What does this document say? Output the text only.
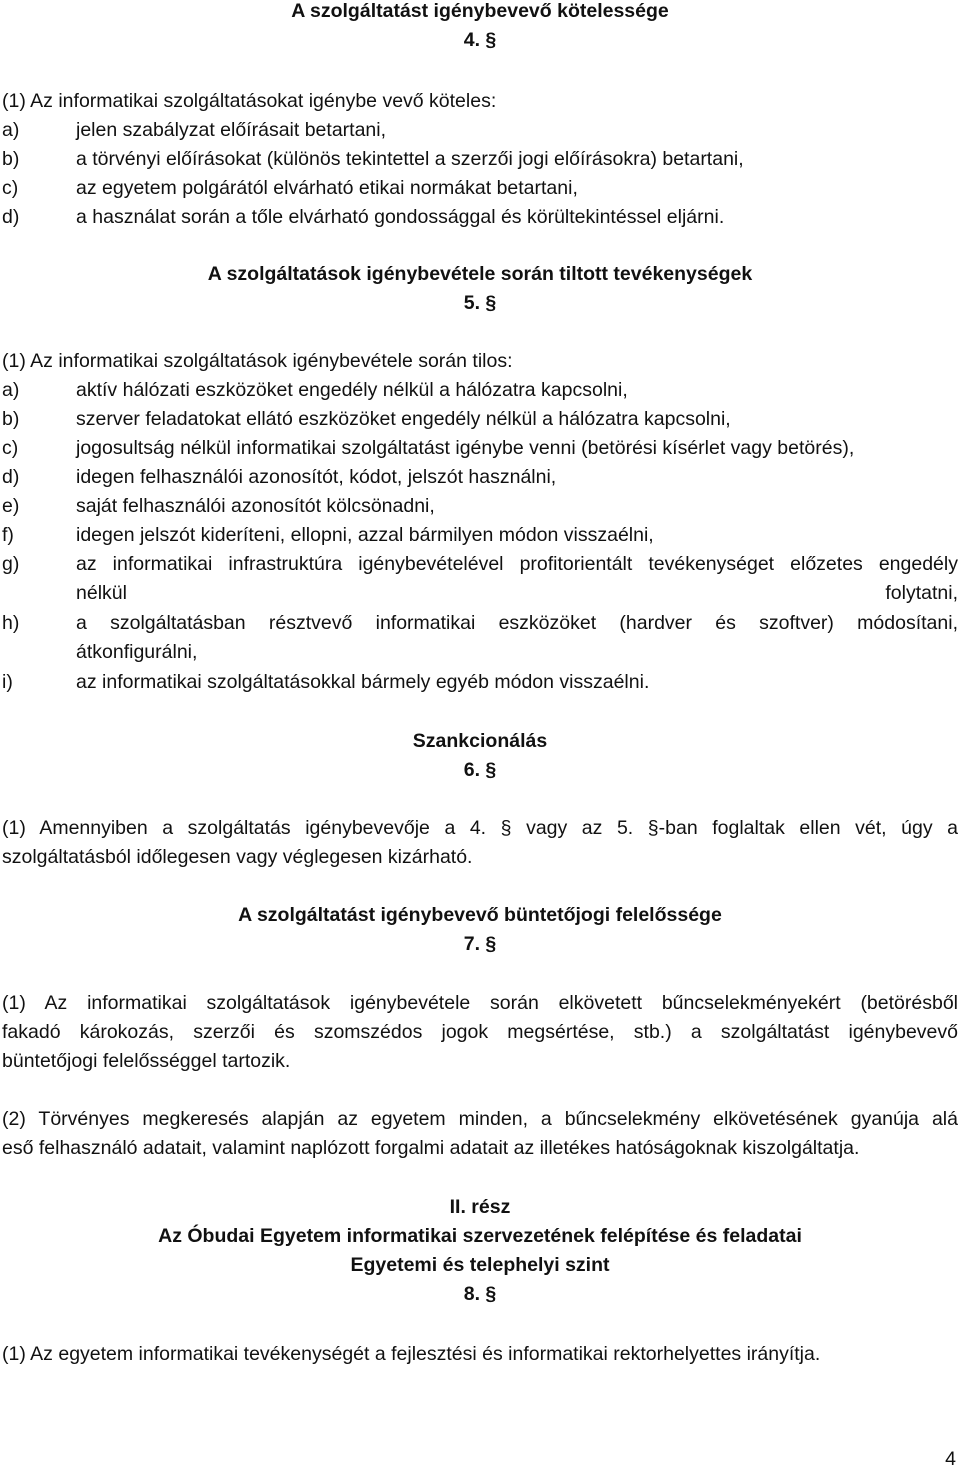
A szolgáltatást igénybevevő kötelessége
4. §
(1) Az informatikai szolgáltatásokat igénybe vevő köteles:
a)	jelen szabályzat előírásait betartani,
b)	a törvényi előírásokat (különös tekintettel a szerzői jogi előírásokra) betartani,
c)	az egyetem polgárától elvárható etikai normákat betartani,
d)	a használat során a tőle elvárható gondossággal és körültekintéssel eljárni.
A szolgáltatások igénybevétele során tiltott tevékenységek
5. §
(1) Az informatikai szolgáltatások igénybevétele során tilos:
a)	aktív hálózati eszközöket engedély nélkül a hálózatra kapcsolni,
b)	szerver feladatokat ellátó eszközöket engedély nélkül a hálózatra kapcsolni,
c)	jogosultság nélkül informatikai szolgáltatást igénybe venni (betörési kísérlet vagy betörés),
d)	idegen felhasználói azonosítót, kódot, jelszót használni,
e)	saját felhasználói azonosítót kölcsönadni,
f)	idegen jelszót kideríteni, ellopni, azzal bármilyen módon visszaélni,
g)	az informatikai infrastruktúra igénybevételével profitorientált tevékenységet előzetes engedély
nélkül folytatni,
h)	a szolgáltatásban résztvevő informatikai eszközöket (hardver és szoftver) módosítani,
átkonfigurálni,
i)	az informatikai szolgáltatásokkal bármely egyéb módon visszaélni.
Szankcionálás
6. §
(1) Amennyiben a szolgáltatás igénybevevője a 4. § vagy az 5. §-ban foglaltak ellen vét, úgy a
szolgáltatásból időlegesen vagy véglegesen kizárható.
A szolgáltatást igénybevevő büntetőjogi felelőssége
7. §
(1) Az informatikai szolgáltatások igénybevétele során elkövetett bűncselekményekért (betörésből
fakadó károkozás, szerzői és szomszédos jogok megsértése, stb.) a szolgáltatást igénybevevő
büntetőjogi felelősséggel tartozik.
(2) Törvényes megkeresés alapján az egyetem minden, a bűncselekmény elkövetésének gyanúja alá
eső felhasználó adatait, valamint naplózott forgalmi adatait az illetékes hatóságoknak kiszolgáltatja.
II. rész
Az Óbudai Egyetem informatikai szervezetének felépítése és feladatai
Egyetemi és telephelyi szint
8. §
(1) Az egyetem informatikai tevékenységét a fejlesztési és informatikai rektorhelyettes irányítja.
4
